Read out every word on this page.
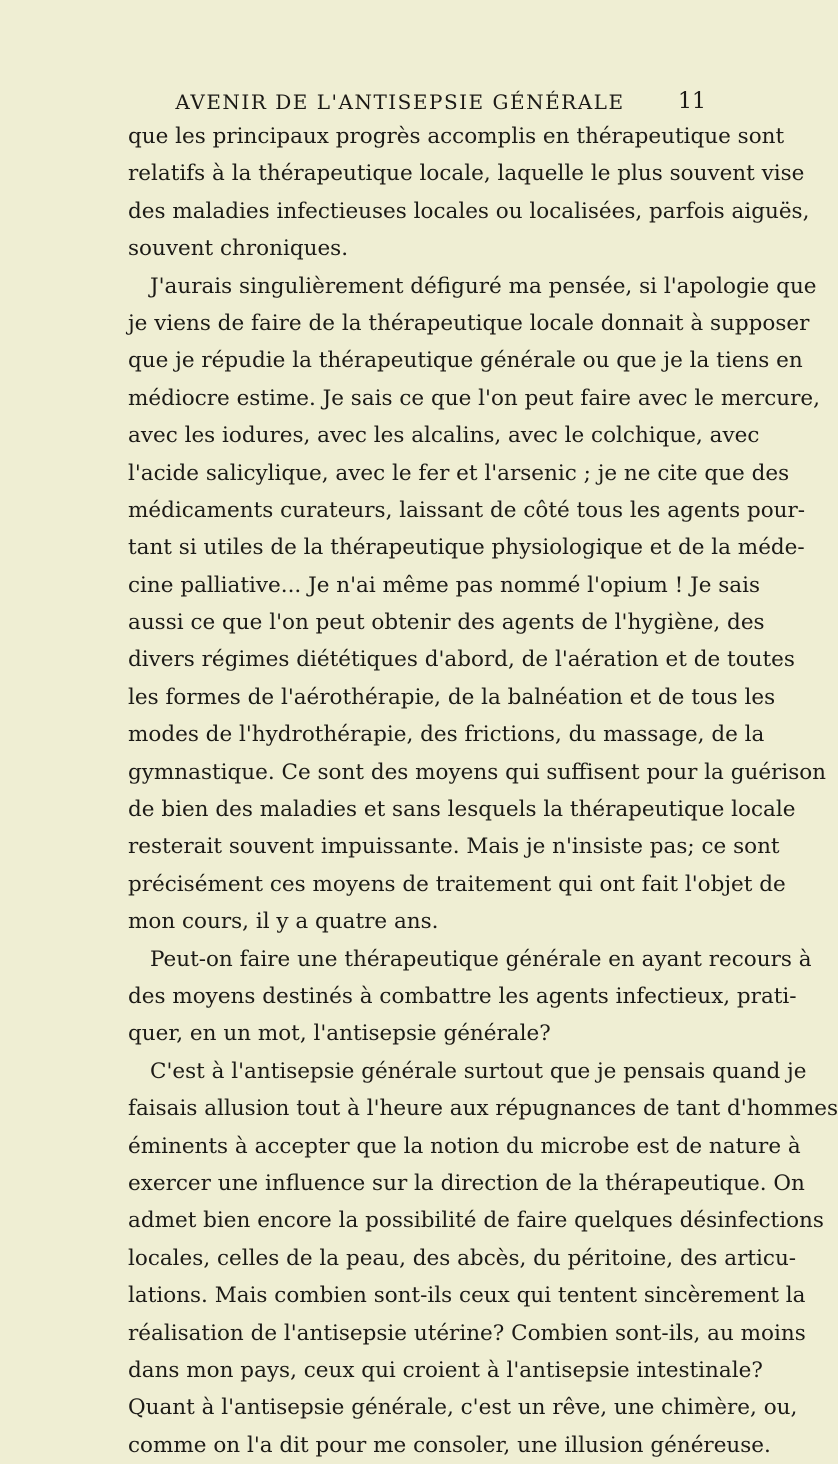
AVENIR DE L'ANTISEPSIE GÉNÉRALE	11
que les principaux progrès accomplis en thérapeutique sont
relatifs à la thérapeutique locale, laquelle le plus souvent vise
des maladies infectieuses locales ou localisées, parfois aiguës,
souvent chroniques.
J'aurais singulièrement défiguré ma pensée, si l'apologie que
je viens de faire de la thérapeutique locale donnait à supposer
que je répudie la thérapeutique générale ou que je la tiens en
médiocre estime. Je sais ce que l'on peut faire avec le mercure,
avec les iodures, avec les alcalins, avec le colchique, avec
l'acide salicylique, avec le fer et l'arsenic ; je ne cite que des
médicaments curateurs, laissant de côté tous les agents pour-
tant si utiles de la thérapeutique physiologique et de la méde-
cine palliative... Je n'ai même pas nommé l'opium ! Je sais
aussi ce que l'on peut obtenir des agents de l'hygiène, des
divers régimes diététiques d'abord, de l'aération et de toutes
les formes de l'aérothérapie, de la balnéation et de tous les
modes de l'hydrothérapie, des frictions, du massage, de la
gymnastique. Ce sont des moyens qui suffisent pour la guérison
de bien des maladies et sans lesquels la thérapeutique locale
resterait souvent impuissante. Mais je n'insiste pas; ce sont
précisément ces moyens de traitement qui ont fait l'objet de
mon cours, il y a quatre ans.
Peut-on faire une thérapeutique générale en ayant recours à
des moyens destinés à combattre les agents infectieux, prati-
quer, en un mot, l'antisepsie générale?
C'est à l'antisepsie générale surtout que je pensais quand je
faisais allusion tout à l'heure aux répugnances de tant d'hommes
éminents à accepter que la notion du microbe est de nature à
exercer une influence sur la direction de la thérapeutique. On
admet bien encore la possibilité de faire quelques désinfections
locales, celles de la peau, des abcès, du péritoine, des articu-
lations. Mais combien sont-ils ceux qui tentent sincèrement la
réalisation de l'antisepsie utérine? Combien sont-ils, au moins
dans mon pays, ceux qui croient à l'antisepsie intestinale?
Quant à l'antisepsie générale, c'est un rêve, une chimère, ou,
comme on l'a dit pour me consoler, une illusion généreuse.
